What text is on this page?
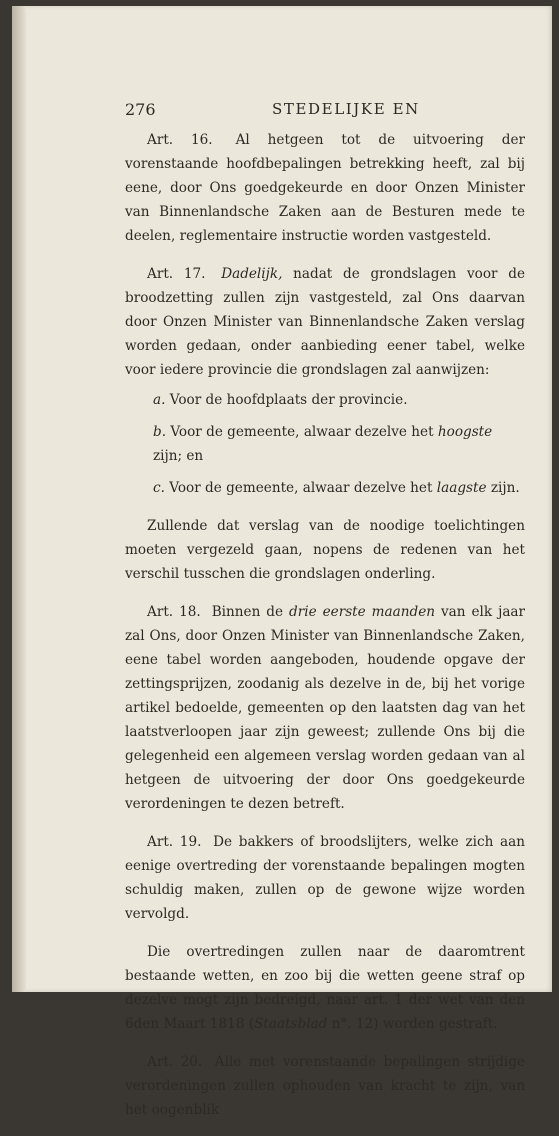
276	STEDELIJKE EN

Art. 16. Al hetgeen tot de uitvoering der vorenstaande hoofdbepalingen betrekking heeft, zal bij eene, door Ons goedgekeurde en door Onzen Minister van Binnenlandsche Zaken aan de Besturen mede te deelen, reglementaire instructie worden vastgesteld.

Art. 17. Dadelijk, nadat de grondslagen voor de broodzetting zullen zijn vastgesteld, zal Ons daarvan door Onzen Minister van Binnenlandsche Zaken verslag worden gedaan, onder aanbieding eener tabel, welke voor iedere provincie die grondslagen zal aanwijzen:

a. Voor de hoofdplaats der provincie.
b. Voor de gemeente, alwaar dezelve het hoogste zijn; en
c. Voor de gemeente, alwaar dezelve het laagste zijn.

Zullende dat verslag van de noodige toelichtingen moeten vergezeld gaan, nopens de redenen van het verschil tusschen die grondslagen onderling.

Art. 18. Binnen de drie eerste maanden van elk jaar zal Ons, door Onzen Minister van Binnenlandsche Zaken, eene tabel worden aangeboden, houdende opgave der zettingsprijzen, zoodanig als dezelve in de, bij het vorige artikel bedoelde, gemeenten op den laatsten dag van het laatstverloopen jaar zijn geweest; zullende Ons bij die gelegenheid een algemeen verslag worden gedaan van al hetgeen de uitvoering der door Ons goedgekeurde verordeningen te dezen betreft.

Art. 19. De bakkers of broodslijters, welke zich aan eenige overtreding der vorenstaande bepalingen mogten schuldig maken, zullen op de gewone wijze worden vervolgd.

Die overtredingen zullen naar de daaromtrent bestaande wetten, en zoo bij die wetten geene straf op dezelve mogt zijn bedreigd, naar art. 1 der wet van den 6den Maart 1818 (Staatsblad n°. 12) worden gestraft.

Art. 20. Alle met vorenstaande bepalingen strijdige verordeningen zullen ophouden van kracht te zijn, van het oogenblik
